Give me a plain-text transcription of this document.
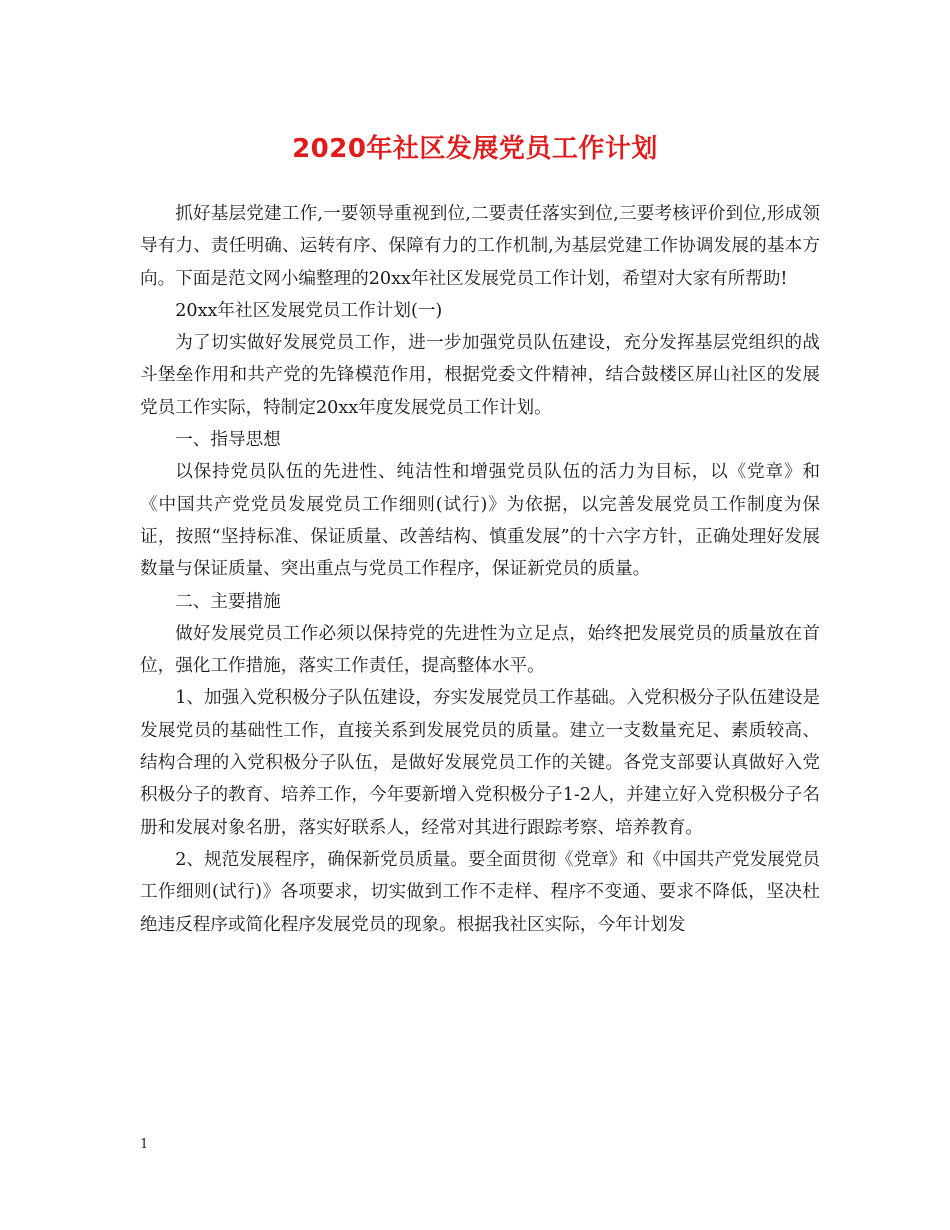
2020年社区发展党员工作计划

抓好基层党建工作,一要领导重视到位,二要责任落实到位,三要考核评价到位,形成领导有力、责任明确、运转有序、保障有力的工作机制,为基层党建工作协调发展的基本方向。下面是范文网小编整理的20xx年社区发展党员工作计划，希望对大家有所帮助!

20xx年社区发展党员工作计划(一)

为了切实做好发展党员工作，进一步加强党员队伍建设，充分发挥基层党组织的战斗堡垒作用和共产党的先锋模范作用，根据党委文件精神，结合鼓楼区屏山社区的发展党员工作实际，特制定20xx年度发展党员工作计划。

一、指导思想

以保持党员队伍的先进性、纯洁性和增强党员队伍的活力为目标，以《党章》和《中国共产党党员发展党员工作细则(试行)》为依据，以完善发展党员工作制度为保证，按照“坚持标准、保证质量、改善结构、慎重发展”的十六字方针，正确处理好发展数量与保证质量、突出重点与党员工作程序，保证新党员的质量。

二、主要措施

做好发展党员工作必须以保持党的先进性为立足点，始终把发展党员的质量放在首位，强化工作措施，落实工作责任，提高整体水平。

1、加强入党积极分子队伍建设，夯实发展党员工作基础。入党积极分子队伍建设是发展党员的基础性工作，直接关系到发展党员的质量。建立一支数量充足、素质较高、结构合理的入党积极分子队伍，是做好发展党员工作的关键。各党支部要认真做好入党积极分子的教育、培养工作，今年要新增入党积极分子1-2人，并建立好入党积极分子名册和发展对象名册，落实好联系人，经常对其进行跟踪考察、培养教育。

2、规范发展程序，确保新党员质量。要全面贯彻《党章》和《中国共产党发展党员工作细则(试行)》各项要求，切实做到工作不走样、程序不变通、要求不降低，坚决杜绝违反程序或简化程序发展党员的现象。根据我社区实际，今年计划发

1
